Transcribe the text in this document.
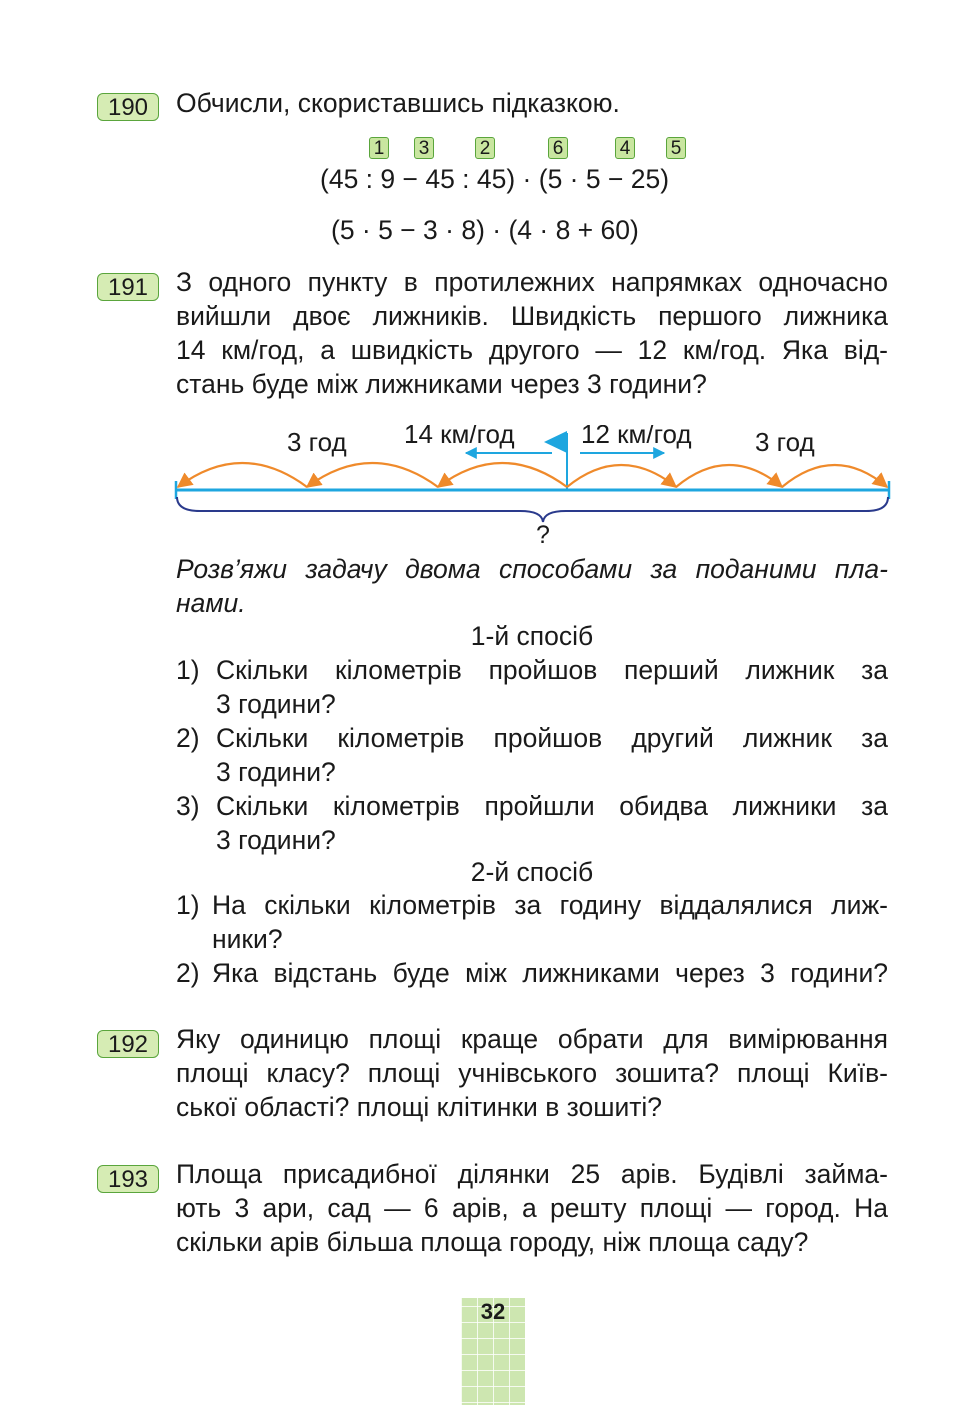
190	Обчисли, скориставшись підказкою.
1 3	2	6	4 5
(45 : 9 − 45 : 45) · (5 · 5 − 25)
(5 · 5 − 3 · 8) · (4 · 8 + 60)
191	З одного пункту в протилежних напрямках одночасно
вийшли двоє лижників. Швидкість першого лижника
14 км/год, а швидкість другого — 12 км/год. Яка від-
стань буде між лижниками через 3 години?
3 год 14 км/год	12 км/год 3 год
?
Розв’яжи задачу двома способами за поданими пла-
нами.
1-й спосіб
1) Скільки кілометрів пройшов перший лижник за
3 години?
2) Скільки кілометрів пройшов другий лижник за
3 години?
3) Скільки кілометрів пройшли обидва лижники за
3 години?
2-й спосіб
1) На скільки кілометрів за годину віддалялися лиж-
ники?
2) Яка відстань буде між лижниками через 3 години?
192	Яку одиницю площі краще обрати для вимірювання
площі класу? площі учнівського зошита? площі Київ-
ської області? площі клітинки в зошиті?
193	Площа присадибної ділянки 25 арів. Будівлі займа-
ють 3 ари, сад — 6 арів, а решту площі — город. На
скільки арів більша площа городу, ніж площа саду?
32
